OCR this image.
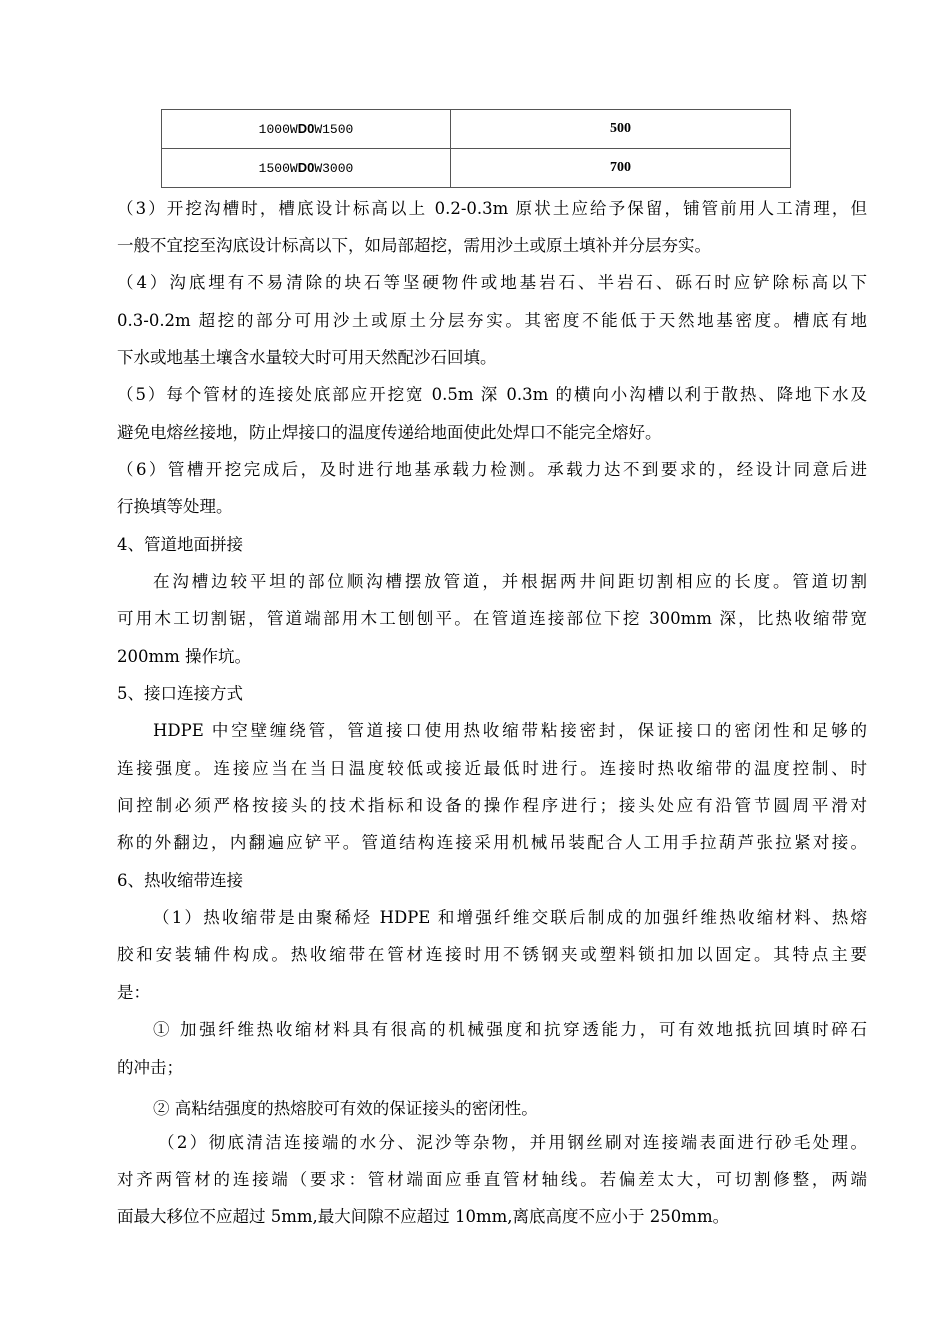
1000WD0W1500	500
1500WD0W3000	700
（3）开挖沟槽时，槽底设计标高以上 0.2-0.3m 原状土应给予保留，铺管前用人工清理，但
一般不宜挖至沟底设计标高以下，如局部超挖，需用沙土或原土填补并分层夯实。
（4）沟底埋有不易清除的块石等坚硬物件或地基岩石、半岩石、砾石时应铲除标高以下
0.3-0.2m 超挖的部分可用沙土或原土分层夯实。其密度不能低于天然地基密度。槽底有地
下水或地基土壤含水量较大时可用天然配沙石回填。
（5）每个管材的连接处底部应开挖宽 0.5m 深 0.3m 的横向小沟槽以利于散热、降地下水及
避免电熔丝接地，防止焊接口的温度传递给地面使此处焊口不能完全熔好。
（6）管槽开挖完成后，及时进行地基承载力检测。承载力达不到要求的，经设计同意后进
行换填等处理。
4、管道地面拼接
在沟槽边较平坦的部位顺沟槽摆放管道，并根据两井间距切割相应的长度。管道切割
可用木工切割锯，管道端部用木工刨刨平。在管道连接部位下挖 300mm 深，比热收缩带宽
200mm 操作坑。
5、接口连接方式
HDPE 中空壁缠绕管，管道接口使用热收缩带粘接密封，保证接口的密闭性和足够的
连接强度。连接应当在当日温度较低或接近最低时进行。连接时热收缩带的温度控制、时
间控制必须严格按接头的技术指标和设备的操作程序进行；接头处应有沿管节圆周平滑对
称的外翻边，内翻遍应铲平。管道结构连接采用机械吊装配合人工用手拉葫芦张拉紧对接。
6、热收缩带连接
（1）热收缩带是由聚稀烃 HDPE 和增强纤维交联后制成的加强纤维热收缩材料、热熔
胶和安装辅件构成。热收缩带在管材连接时用不锈钢夹或塑料锁扣加以固定。其特点主要
是：
① 加强纤维热收缩材料具有很高的机械强度和抗穿透能力，可有效地抵抗回填时碎石
的冲击；
② 高粘结强度的热熔胶可有效的保证接头的密闭性。
（2）彻底清洁连接端的水分、泥沙等杂物，并用钢丝刷对连接端表面进行砂毛处理。
对齐两管材的连接端（要求：管材端面应垂直管材轴线。若偏差太大，可切割修整，两端
面最大移位不应超过 5mm,最大间隙不应超过 10mm,离底高度不应小于 250mm。
